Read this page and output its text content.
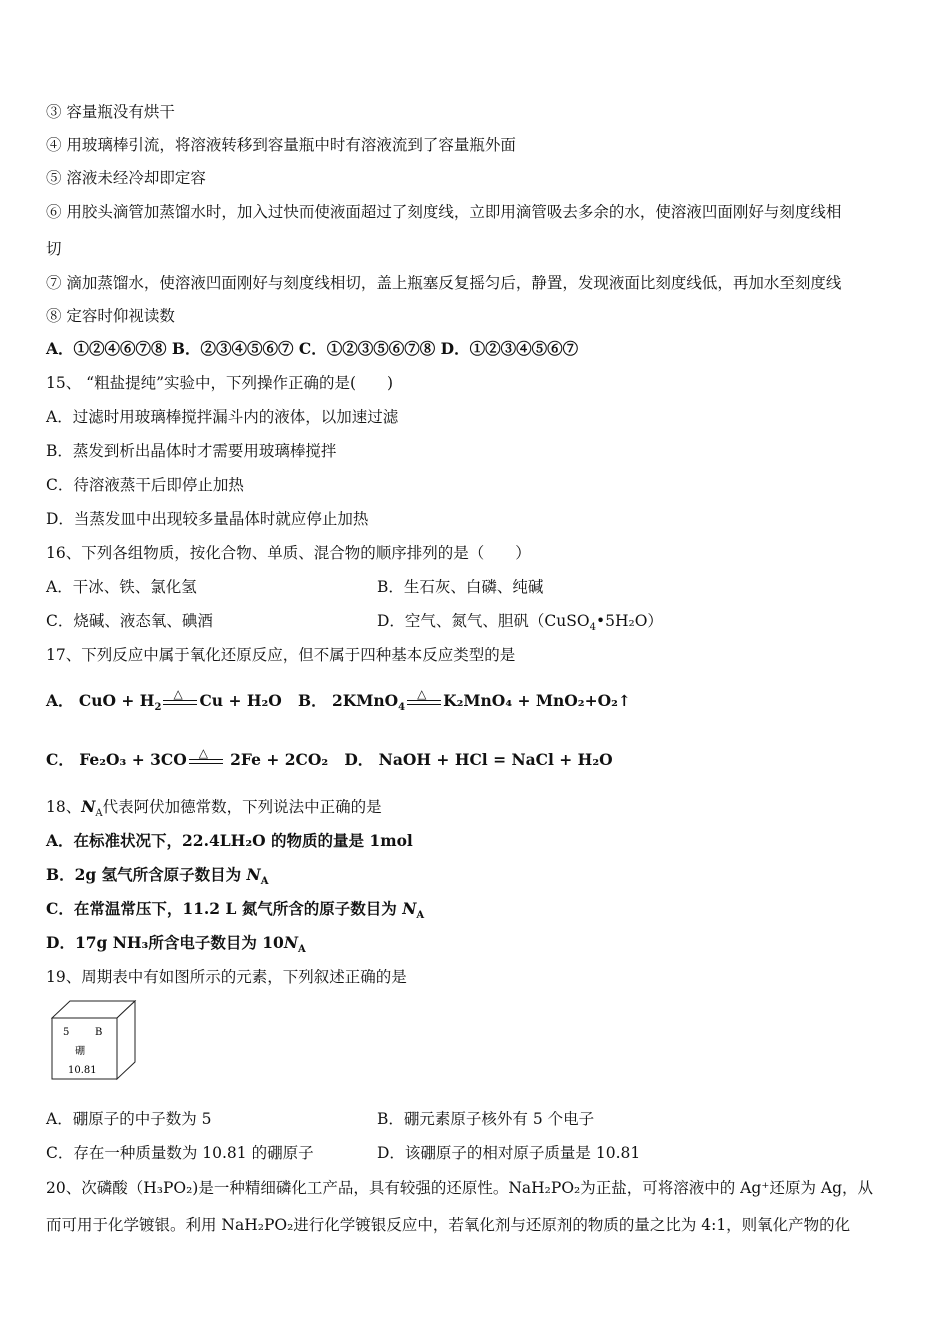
③ 容量瓶没有烘干
④ 用玻璃棒引流，将溶液转移到容量瓶中时有溶液流到了容量瓶外面
⑤ 溶液未经冷却即定容
⑥ 用胶头滴管加蒸馏水时，加入过快而使液面超过了刻度线，立即用滴管吸去多余的水，使溶液凹面刚好与刻度线相
切
⑦ 滴加蒸馏水，使溶液凹面刚好与刻度线相切，盖上瓶塞反复摇匀后，静置，发现液面比刻度线低，再加水至刻度线
⑧ 定容时仰视读数
A．①②④⑥⑦⑧ B．②③④⑤⑥⑦ C．①②③⑤⑥⑦⑧ D．①②③④⑤⑥⑦
15、 “粗盐提纯”实验中，下列操作正确的是(　　)
A．过滤时用玻璃棒搅拌漏斗内的液体，以加速过滤
B．蒸发到析出晶体时才需要用玻璃棒搅拌
C．待溶液蒸干后即停止加热
D．当蒸发皿中出现较多量晶体时就应停止加热
16、下列各组物质，按化合物、单质、混合物的顺序排列的是（　　）
A．干冰、铁、氯化氢	B．生石灰、白磷、纯碱
C．烧碱、液态氧、碘酒	D．空气、氮气、胆矾（CuSO$_4$•5H₂O）
17、下列反应中属于氧化还原反应，但不属于四种基本反应类型的是
A． CuO + $H_2$
△ Cu + H₂O B． 2KMnO$_4$
△ K₂MnO₄ + MnO₂+O₂↑
C． Fe₂O₃ + 3CO △ 2Fe + 2CO₂ D． NaOH + HCl = NaCl + H₂O
18、$N_A$代表阿伏加德常数，下列说法中正确的是
A．在标准状况下，22.4LH₂O 的物质的量是 1mol
B．2g 氢气所含原子数目为 $N_A$
C．在常温常压下，11.2 L 氮气所含的原子数目为 $N_A$
D．17g NH₃所含电子数目为 $10N_A$
19、周期表中有如图所示的元素，下列叙述正确的是
5	B
硼
10.81
A．硼原子的中子数为 5	B．硼元素原子核外有 5 个电子
C．存在一种质量数为 10.81 的硼原子	D．该硼原子的相对原子质量是 10.81
20、次磷酸（H₃PO₂)是一种精细磷化工产品，具有较强的还原性。NaH₂PO₂为正盐，可将溶液中的 Ag⁺还原为 Ag，从
而可用于化学镀银。利用 NaH₂PO₂进行化学镀银反应中，若氧化剂与还原剂的物质的量之比为 4:1，则氧化产物的化
